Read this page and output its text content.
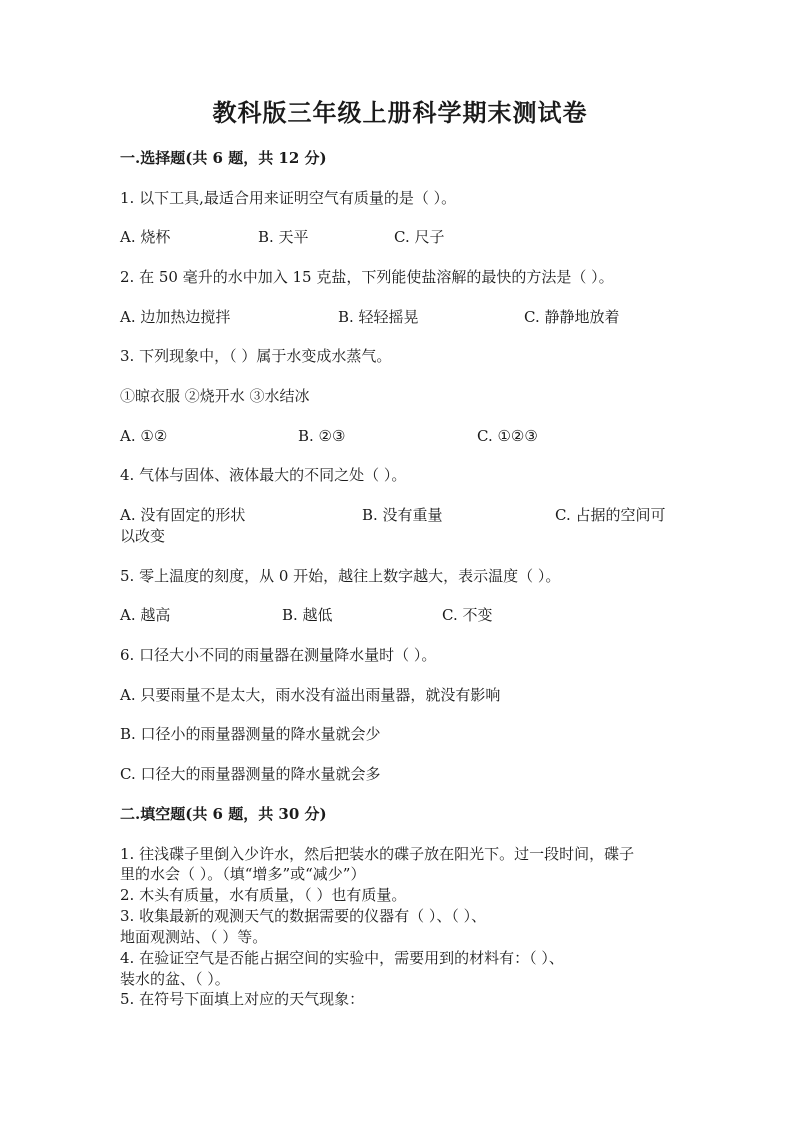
教科版三年级上册科学期末测试卷
一.选择题(共 6 题，共 12 分)
1. 以下工具,最适合用来证明空气有质量的是（ ）。
A. 烧杯	B. 天平	C. 尺子
2. 在 50 毫升的水中加入 15 克盐，下列能使盐溶解的最快的方法是（ ）。
A. 边加热边搅拌	B. 轻轻摇晃	C. 静静地放着
3. 下列现象中，（ ）属于水变成水蒸气。
①晾衣服 ②烧开水 ③水结冰
A. ①②	B. ②③	C. ①②③
4. 气体与固体、液体最大的不同之处（ ）。
A. 没有固定的形状	B. 没有重量	C. 占据的空间可
以改变
5. 零上温度的刻度，从 0 开始，越往上数字越大，表示温度（ ）。
A. 越高	B. 越低	C. 不变
6. 口径大小不同的雨量器在测量降水量时（ ）。
A. 只要雨量不是太大，雨水没有溢出雨量器，就没有影响
B. 口径小的雨量器测量的降水量就会少
C. 口径大的雨量器测量的降水量就会多
二.填空题(共 6 题，共 30 分)
1. 往浅碟子里倒入少许水，然后把装水的碟子放在阳光下。过一段时间，碟子
里的水会（ ）。（填“增多”或“减少”）
2. 木头有质量，水有质量，（ ）也有质量。
3. 收集最新的观测天气的数据需要的仪器有（ ）、（ ）、
地面观测站、（ ）等。
4. 在验证空气是否能占据空间的实验中，需要用到的材料有：（ ）、
装水的盆、（ ）。
5. 在符号下面填上对应的天气现象：
